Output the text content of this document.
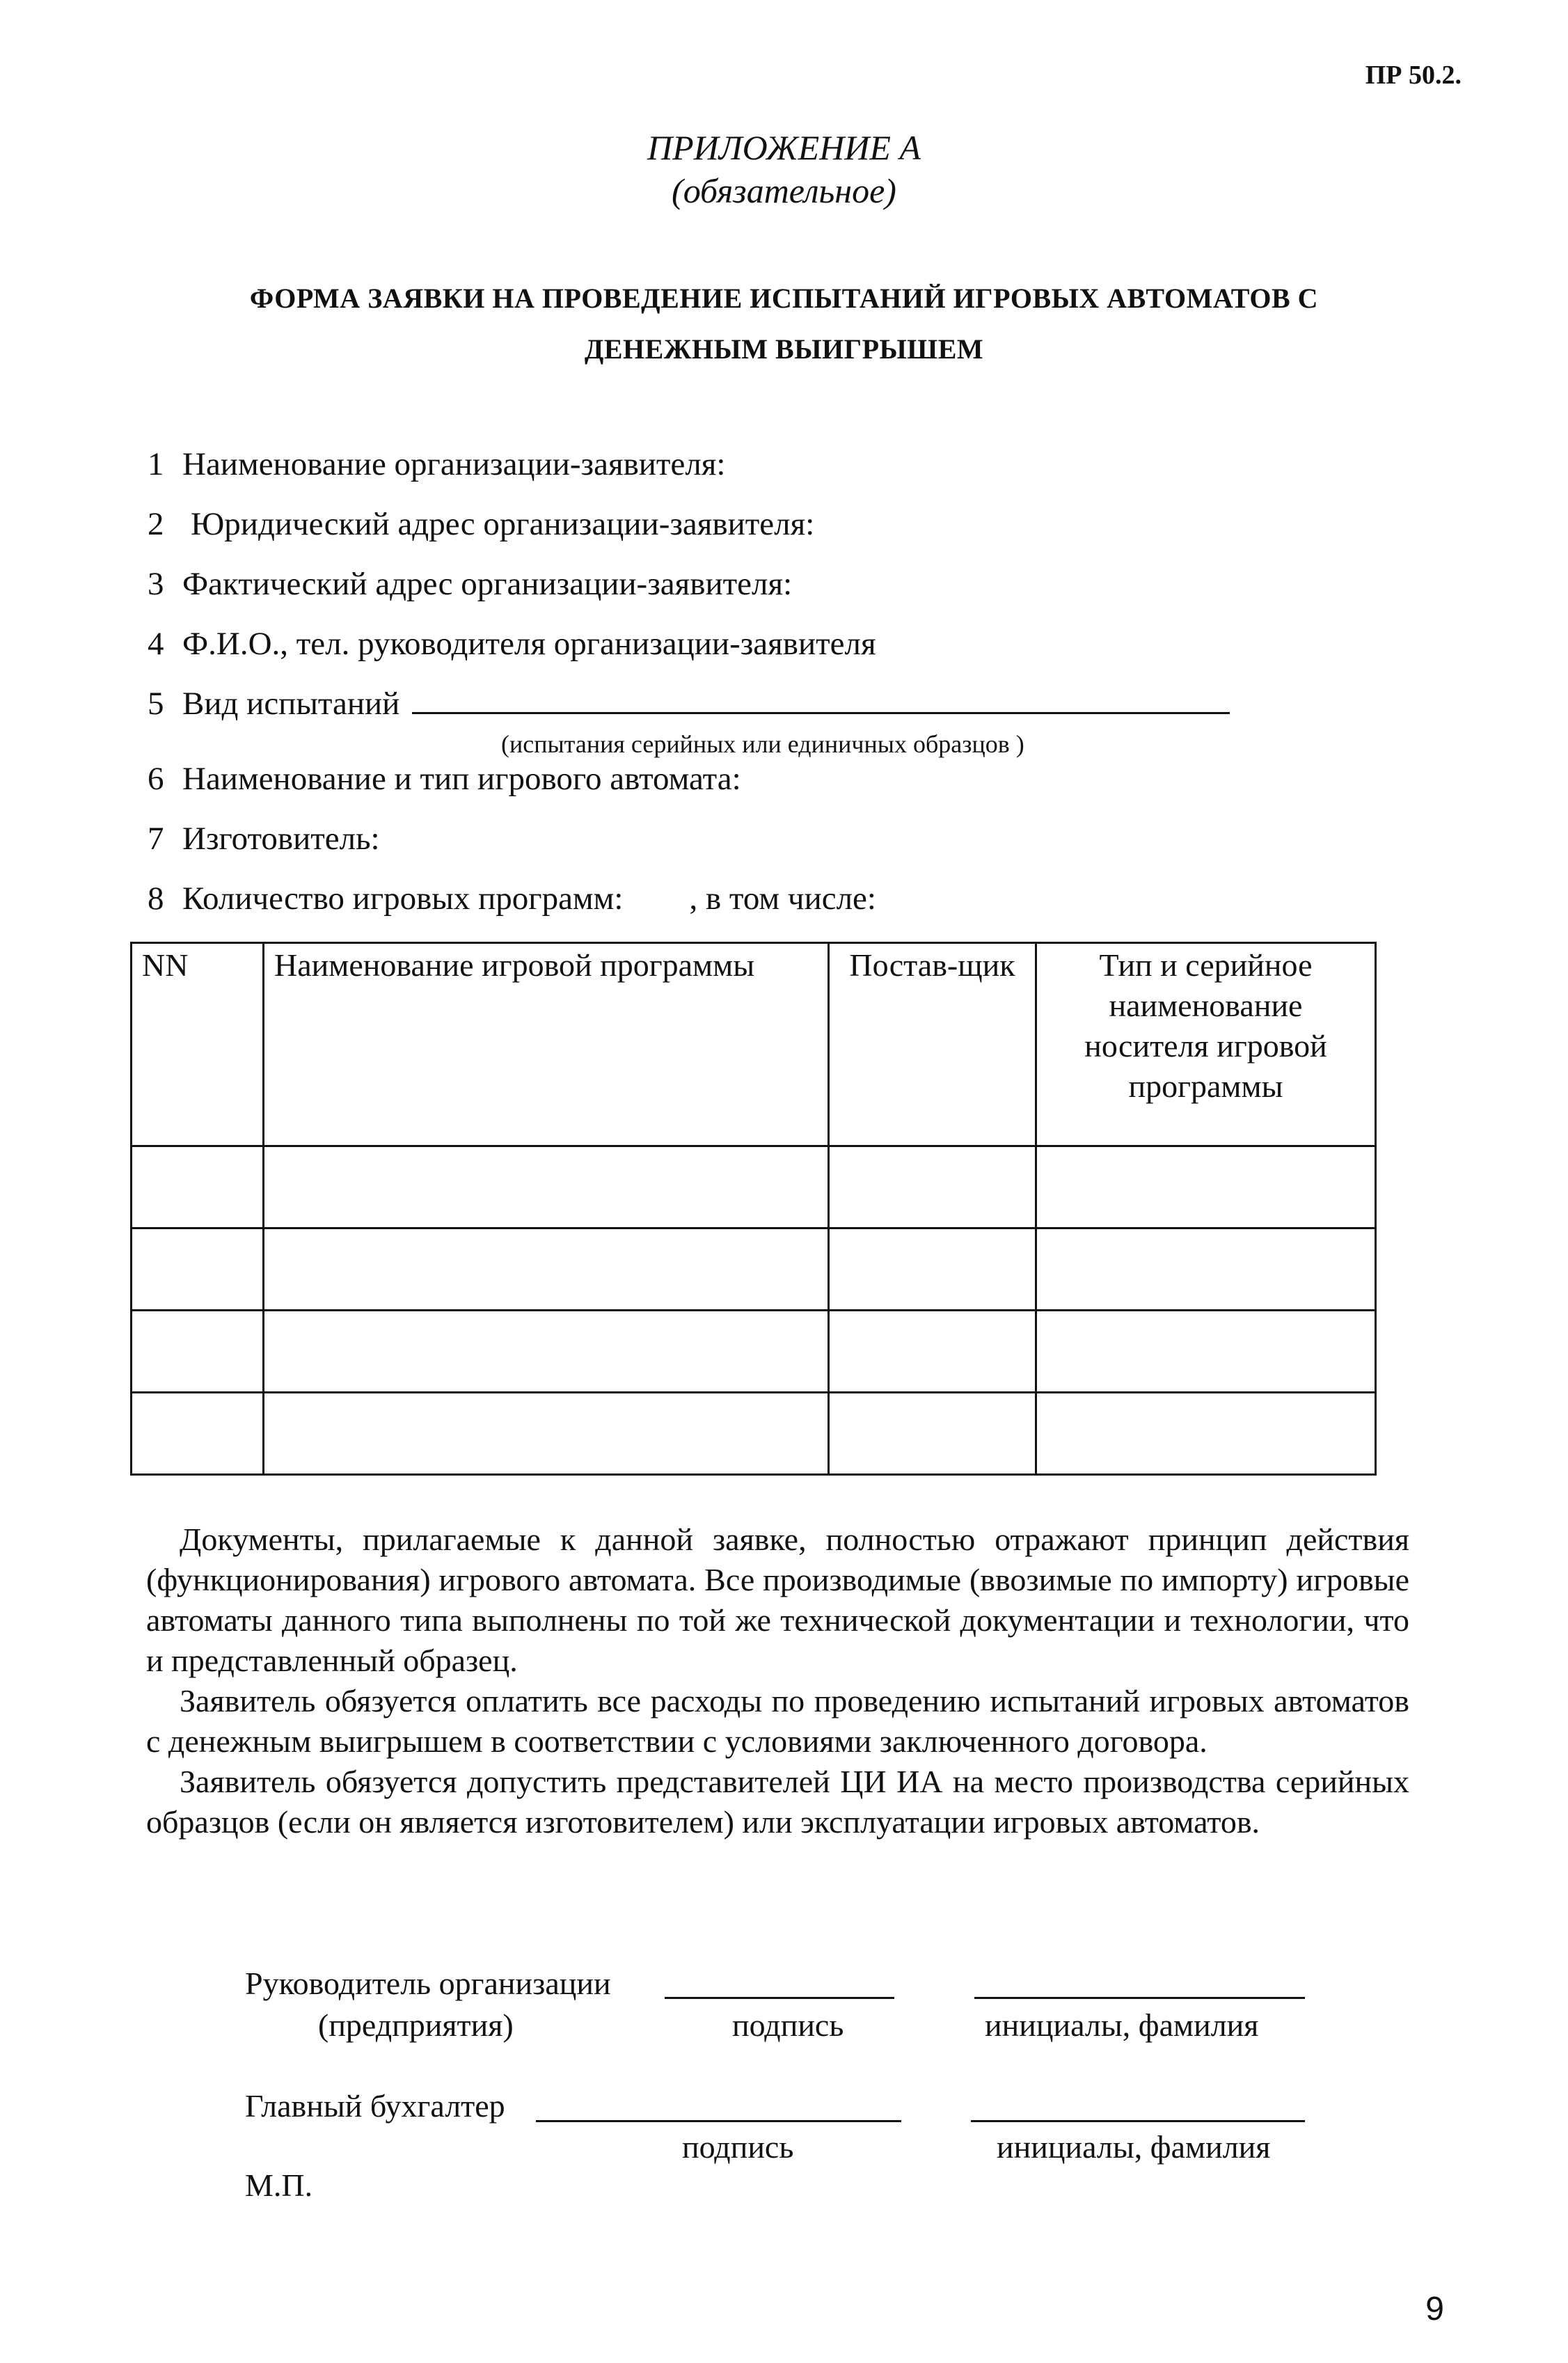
ПР 50.2.
ПРИЛОЖЕНИЕ А
(обязательное)
ФОРМА ЗАЯВКИ НА ПРОВЕДЕНИЕ ИСПЫТАНИЙ ИГРОВЫХ АВТОМАТОВ С
ДЕНЕЖНЫМ ВЫИГРЫШЕМ
1 Наименование организации-заявителя:
2 Юридический адрес организации-заявителя:
3 Фактический адрес организации-заявителя:
4 Ф.И.О., тел. руководителя организации-заявителя
5 Вид испытаний
(испытания серийных или единичных образцов )
6 Наименование и тип игрового автомата:
7 Изготовитель:
8 Количество игровых программ: , в том числе:
NN	Наименование игровой программы	Постав-щик	Тип и серийное наименование носителя игровой программы

Документы, прилагаемые к данной заявке, полностью отражают принцип действия (функционирования) игрового автомата. Все производимые (ввозимые по импорту) игровые автоматы данного типа выполнены по той же технической документации и технологии, что и представленный образец.

Заявитель обязуется оплатить все расходы по проведению испытаний игровых автоматов с денежным выигрышем в соответствии с условиями заключенного договора.

Заявитель обязуется допустить представителей ЦИ ИА на место производства серийных образцов (если он является изготовителем) или эксплуатации игровых автоматов.

Руководитель организации
(предприятия)	подпись	инициалы, фамилия
Главный бухгалтер
подпись	инициалы, фамилия
М.П.
9
